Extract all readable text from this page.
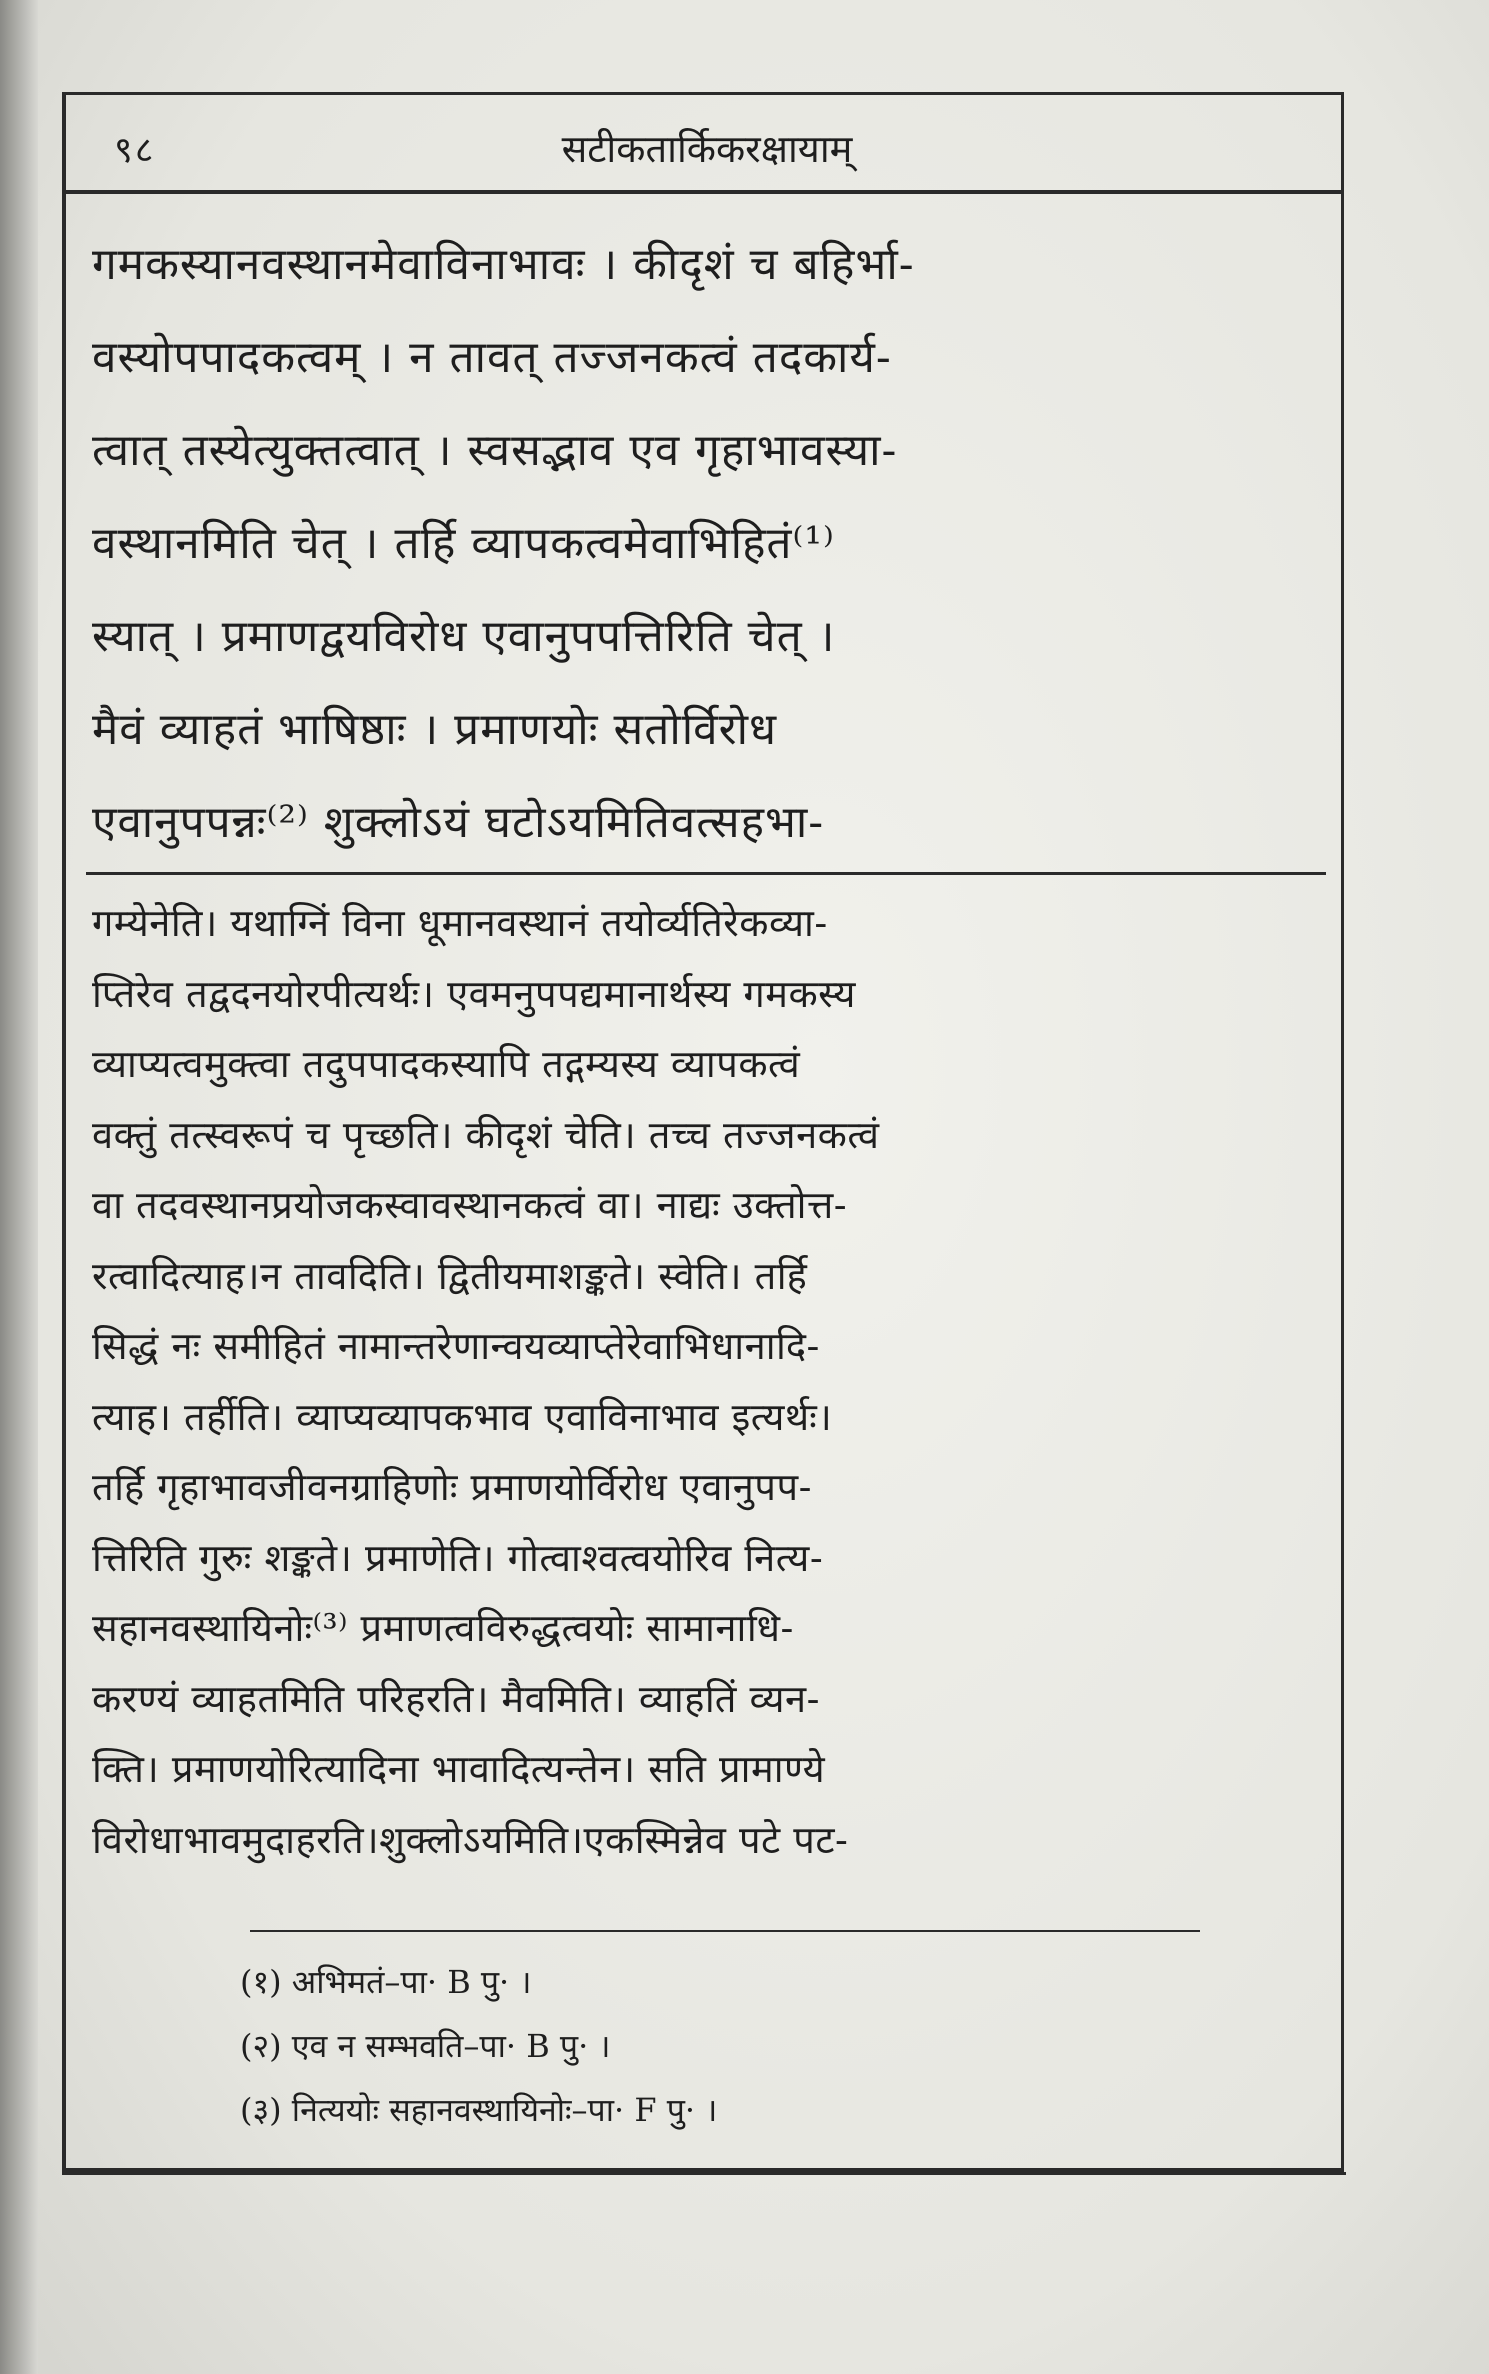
९८	सटीकतार्किकरक्षायाम्
गमकस्यानवस्थानमेवाविनाभावः । कीदृशं च बहिर्भा-
वस्योपपादकत्वम् । न तावत् तज्जनकत्वं तदकार्य-
त्वात् तस्येत्युक्तत्वात् । स्वसद्भाव एव गृहाभावस्या-
वस्थानमिति चेत् । तर्हि व्यापकत्वमेवाभिहितं⁽¹⁾
स्यात् । प्रमाणद्वयविरोध एवानुपपत्तिरिति चेत् ।
मैवं व्याहतं भाषिष्ठाः । प्रमाणयोः सतोर्विरोध
एवानुपपन्नः⁽²⁾ शुक्लोऽयं घटोऽयमितिवत्सहभा-
गम्येनेति। यथाग्निं विना धूमानवस्थानं तयोर्व्यतिरेकव्या-
प्तिरेव तद्वदनयोरपीत्यर्थः। एवमनुपपद्यमानार्थस्य गमकस्य
व्याप्यत्वमुक्त्वा तदुपपादकस्यापि तद्गम्यस्य व्यापकत्वं
वक्तुं तत्स्वरूपं च पृच्छति। कीदृशं चेति। तच्च तज्जनकत्वं
वा तदवस्थानप्रयोजकस्वावस्थानकत्वं वा। नाद्यः उक्तोत्त-
रत्वादित्याह।न तावदिति। द्वितीयमाशङ्कते। स्वेति। तर्हि
सिद्धं नः समीहितं नामान्तरेणान्वयव्याप्तेरेवाभिधानादि-
त्याह। तर्हीति। व्याप्यव्यापकभाव एवाविनाभाव इत्यर्थः।
तर्हि गृहाभावजीवनग्राहिणोः प्रमाणयोर्विरोध एवानुपप-
त्तिरिति गुरुः शङ्कते। प्रमाणेति। गोत्वाश्वत्वयोरिव नित्य-
सहानवस्थायिनोः⁽³⁾ प्रमाणत्वविरुद्धत्वयोः सामानाधि-
करण्यं व्याहतमिति परिहरति। मैवमिति। व्याहतिं व्यन-
क्ति। प्रमाणयोरित्यादिना भावादित्यन्तेन। सति प्रामाण्ये
विरोधाभावमुदाहरति।शुक्लोऽयमिति।एकस्मिन्नेव पटे पट-
(१) अभिमतं–पा· B पु· ।
(२) एव न सम्भवति–पा· B पु· ।
(३) नित्ययोः सहानवस्थायिनोः–पा· F पु· ।
